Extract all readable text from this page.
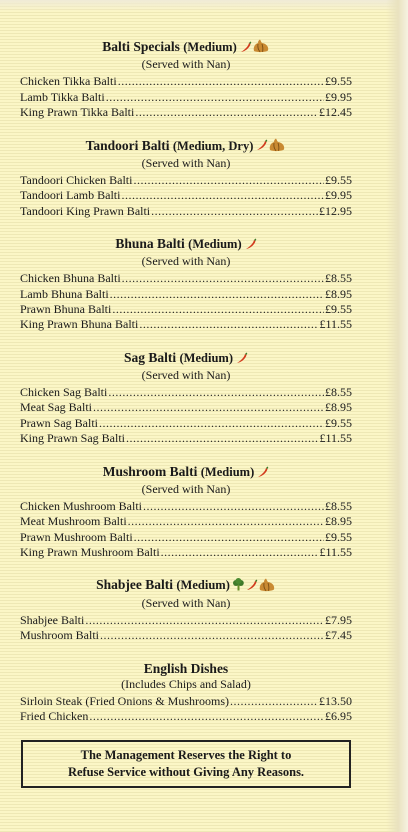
Balti Specials (Medium)
(Served with Nan)
Chicken Tikka Balti .....	£9.55
Lamb Tikka Balti .....	£9.95
King Prawn Tikka Balti .....	£12.45
Tandoori Balti (Medium, Dry)
(Served with Nan)
Tandoori Chicken Balti .....	£9.55
Tandoori Lamb Balti .....	£9.95
Tandoori King Prawn Balti .....	£12.95
Bhuna Balti (Medium)
(Served with Nan)
Chicken Bhuna Balti .....	£8.55
Lamb Bhuna Balti .....	£8.95
Prawn Bhuna Balti .....	£9.55
King Prawn Bhuna Balti .....	£11.55
Sag Balti (Medium)
(Served with Nan)
Chicken Sag Balti .....	£8.55
Meat Sag Balti .....	£8.95
Prawn Sag Balti .....	£9.55
King Prawn Sag Balti .....	£11.55
Mushroom Balti (Medium)
(Served with Nan)
Chicken Mushroom Balti .....	£8.55
Meat Mushroom Balti .....	£8.95
Prawn Mushroom Balti .....	£9.55
King Prawn Mushroom Balti .....	£11.55
Shabjee Balti (Medium)
(Served with Nan)
Shabjee Balti .....	£7.95
Mushroom Balti .....	£7.45
English Dishes
(Includes Chips and Salad)
Sirloin Steak (Fried Onions & Mushrooms) .....	£13.50
Fried Chicken .....	£6.95
The Management Reserves the Right to
Refuse Service without Giving Any Reasons.
